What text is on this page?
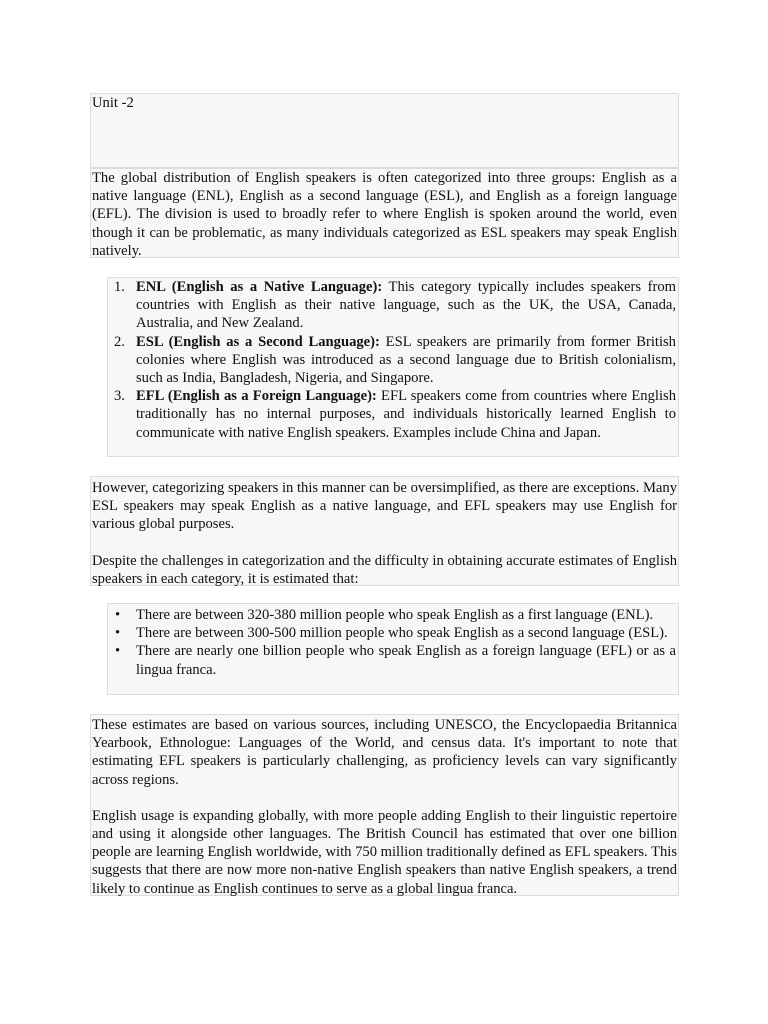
Unit -2

The global distribution of English speakers is often categorized into three groups: English as a native language (ENL), English as a second language (ESL), and English as a foreign language (EFL). The division is used to broadly refer to where English is spoken around the world, even though it can be problematic, as many individuals categorized as ESL speakers may speak English natively.

1. ENL (English as a Native Language): This category typically includes speakers from countries with English as their native language, such as the UK, the USA, Canada, Australia, and New Zealand.
2. ESL (English as a Second Language): ESL speakers are primarily from former British colonies where English was introduced as a second language due to British colonialism, such as India, Bangladesh, Nigeria, and Singapore.
3. EFL (English as a Foreign Language): EFL speakers come from countries where English traditionally has no internal purposes, and individuals historically learned English to communicate with native English speakers. Examples include China and Japan.

However, categorizing speakers in this manner can be oversimplified, as there are exceptions. Many ESL speakers may speak English as a native language, and EFL speakers may use English for various global purposes.

Despite the challenges in categorization and the difficulty in obtaining accurate estimates of English speakers in each category, it is estimated that:

• There are between 320-380 million people who speak English as a first language (ENL).
• There are between 300-500 million people who speak English as a second language (ESL).
• There are nearly one billion people who speak English as a foreign language (EFL) or as a lingua franca.

These estimates are based on various sources, including UNESCO, the Encyclopaedia Britannica Yearbook, Ethnologue: Languages of the World, and census data. It's important to note that estimating EFL speakers is particularly challenging, as proficiency levels can vary significantly across regions.

English usage is expanding globally, with more people adding English to their linguistic repertoire and using it alongside other languages. The British Council has estimated that over one billion people are learning English worldwide, with 750 million traditionally defined as EFL speakers. This suggests that there are now more non-native English speakers than native English speakers, a trend likely to continue as English continues to serve as a global lingua franca.
